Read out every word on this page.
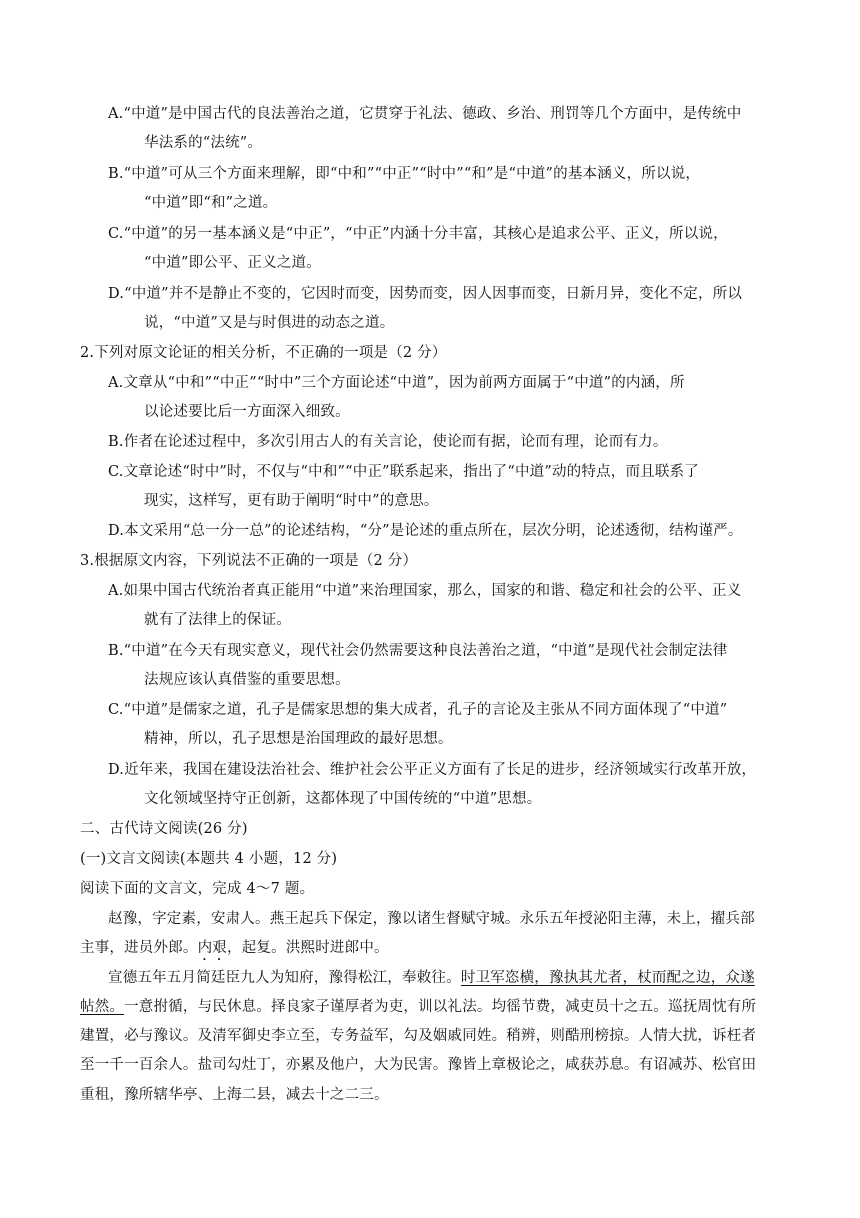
A.“中道”是中国古代的良法善治之道，它贯穿于礼法、德政、乡治、刑罚等几个方面中，是传统中
华法系的“法统”。
B.“中道”可从三个方面来理解，即“中和”“中正”“时中”“和”是“中道”的基本涵义，所以说，
“中道”即“和”之道。
C.“中道”的另一基本涵义是“中正”，“中正”内涵十分丰富，其核心是追求公平、正义，所以说，
“中道”即公平、正义之道。
D.“中道”并不是静止不变的，它因时而变，因势而变，因人因事而变，日新月异，变化不定，所以
说，“中道”又是与时俱进的动态之道。
2.下列对原文论证的相关分析，不正确的一项是（2 分）
A.文章从“中和”“中正”“时中”三个方面论述“中道”，因为前两方面属于“中道”的内涵，所
以论述要比后一方面深入细致。
B.作者在论述过程中，多次引用古人的有关言论，使论而有据，论而有理，论而有力。
C.文章论述“时中”时，不仅与“中和”“中正”联系起来，指出了“中道”动的特点，而且联系了
现实，这样写，更有助于阐明“时中”的意思。
D.本文采用“总一分一总”的论述结构，“分”是论述的重点所在，层次分明，论述透彻，结构谨严。
3.根据原文内容，下列说法不正确的一项是（2 分）
A.如果中国古代统治者真正能用“中道”来治理国家，那么，国家的和谐、稳定和社会的公平、正义
就有了法律上的保证。
B.“中道”在今天有现实意义，现代社会仍然需要这种良法善治之道，“中道”是现代社会制定法律
法规应该认真借鉴的重要思想。
C.“中道”是儒家之道，孔子是儒家思想的集大成者，孔子的言论及主张从不同方面体现了“中道”
精神，所以，孔子思想是治国理政的最好思想。
D.近年来，我国在建设法治社会、维护社会公平正义方面有了长足的进步，经济领域实行改革开放，
文化领域坚持守正创新，这都体现了中国传统的“中道”思想。
二、古代诗文阅读(26 分)
(一)文言文阅读(本题共 4 小题，12 分)
阅读下面的文言文，完成 4～7 题。
赵豫，字定素，安肃人。燕王起兵下保定，豫以诸生督赋守城。永乐五年授泌阳主薄，未上，擢兵部
主事，进员外郎。内艰，起复。洪熙时进郎中。
宣德五年五月简廷臣九人为知府，豫得松江，奉敕往。时卫军恣横，豫执其尤者，杖而配之边，众遂
帖然。一意拊循，与民休息。择良家子谨厚者为吏，训以礼法。均徭节费，减吏员十之五。巡抚周忱有所
建置，必与豫议。及清军御史李立至，专务益军，勾及姻戚同姓。稍辨，则酷刑榜掠。人情大扰，诉枉者
至一千一百余人。盐司勾灶丁，亦累及他户，大为民害。豫皆上章极论之，咸获苏息。有诏减苏、松官田
重租，豫所辖华亭、上海二县，减去十之二三。
